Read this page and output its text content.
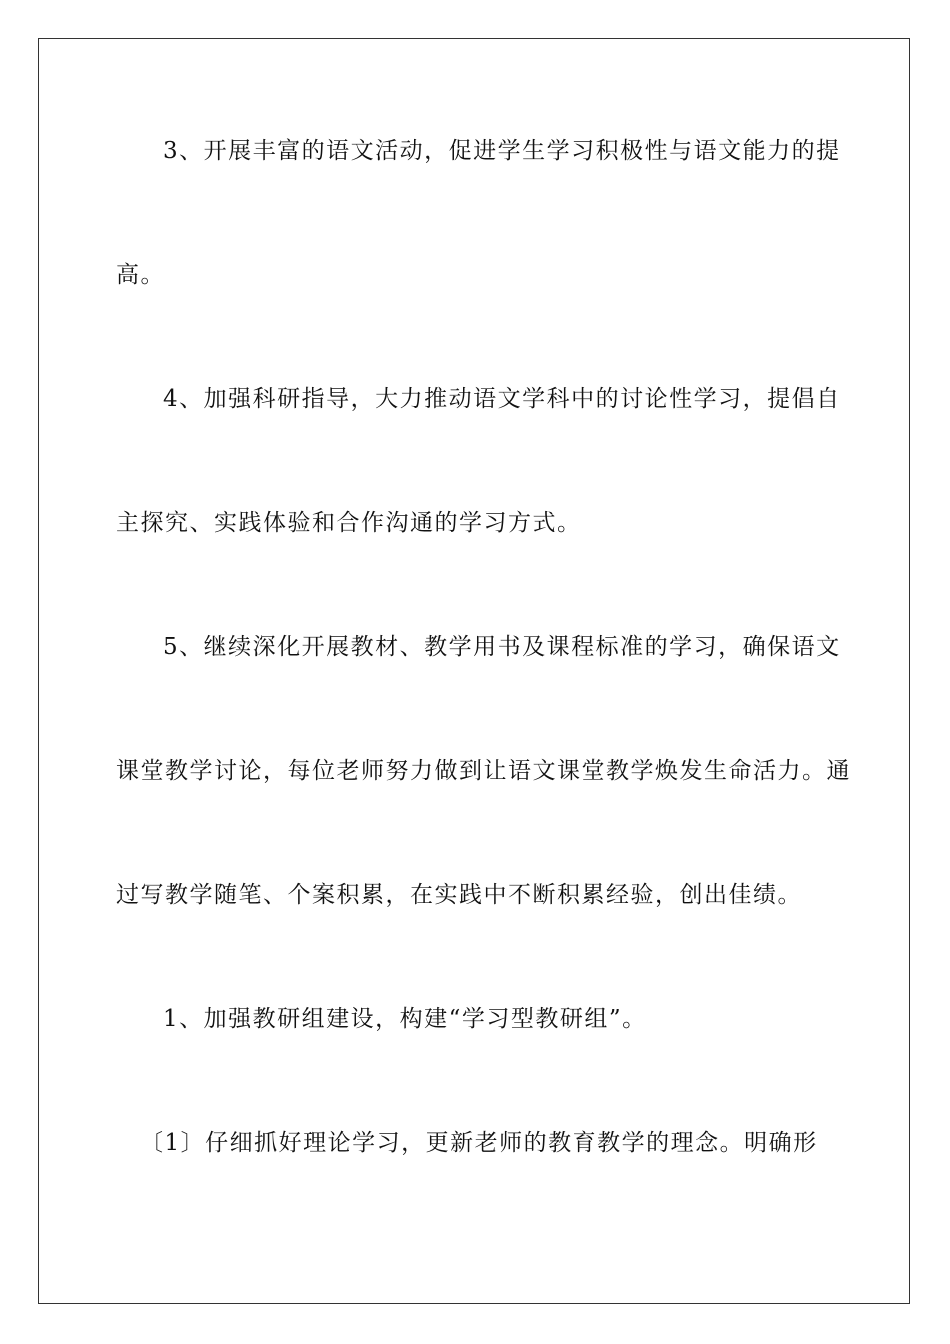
3、开展丰富的语文活动，促进学生学习积极性与语文能力的提
高。
4、加强科研指导，大力推动语文学科中的讨论性学习，提倡自
主探究、实践体验和合作沟通的学习方式。
5、继续深化开展教材、教学用书及课程标准的学习，确保语文
课堂教学讨论，每位老师努力做到让语文课堂教学焕发生命活力。通
过写教学随笔、个案积累，在实践中不断积累经验，创出佳绩。
1、加强教研组建设，构建“学习型教研组”。
〔1〕仔细抓好理论学习，更新老师的教育教学的理念。明确形
